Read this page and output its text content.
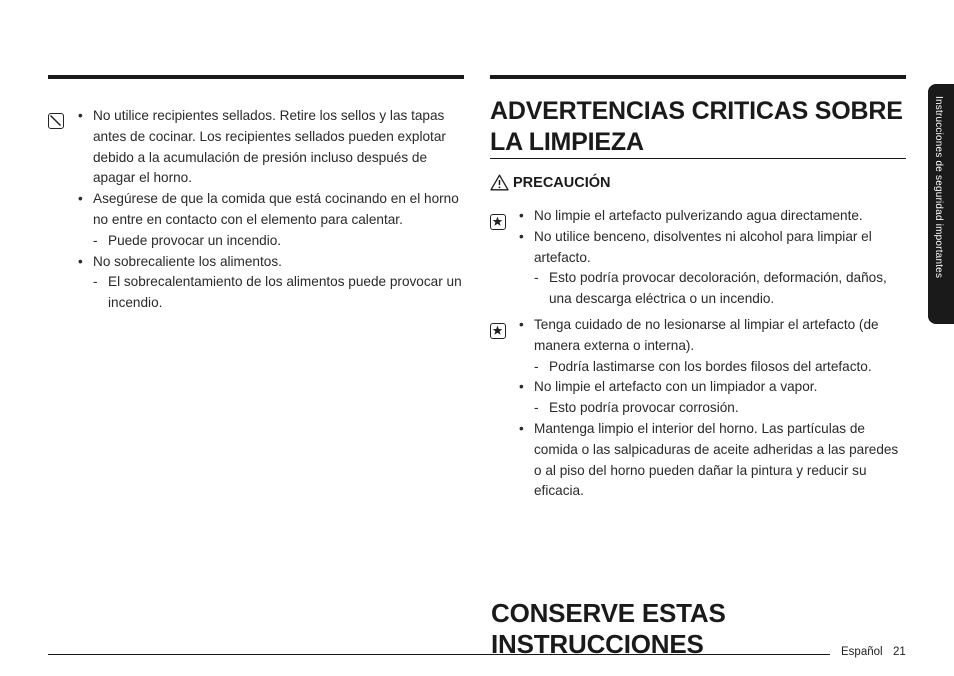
• No utilice recipientes sellados. Retire los sellos y las tapas antes de cocinar. Los recipientes sellados pueden explotar debido a la acumulación de presión incluso después de apagar el horno.
• Asegúrese de que la comida que está cocinando en el horno no entre en contacto con el elemento para calentar.
- Puede provocar un incendio.
• No sobrecaliente los alimentos.
- El sobrecalentamiento de los alimentos puede provocar un incendio.
ADVERTENCIAS CRITICAS SOBRE LA LIMPIEZA
PRECAUCIÓN
• No limpie el artefacto pulverizando agua directamente.
• No utilice benceno, disolventes ni alcohol para limpiar el artefacto.
- Esto podría provocar decoloración, deformación, daños, una descarga eléctrica o un incendio.
• Tenga cuidado de no lesionarse al limpiar el artefacto (de manera externa o interna).
- Podría lastimarse con los bordes filosos del artefacto.
• No limpie el artefacto con un limpiador a vapor.
- Esto podría provocar corrosión.
• Mantenga limpio el interior del horno. Las partículas de comida o las salpicaduras de aceite adheridas a las paredes o al piso del horno pueden dañar la pintura y reducir su eficacia.
CONSERVE ESTAS INSTRUCCIONES	Español 21
Instrucciones de seguridad importantes
